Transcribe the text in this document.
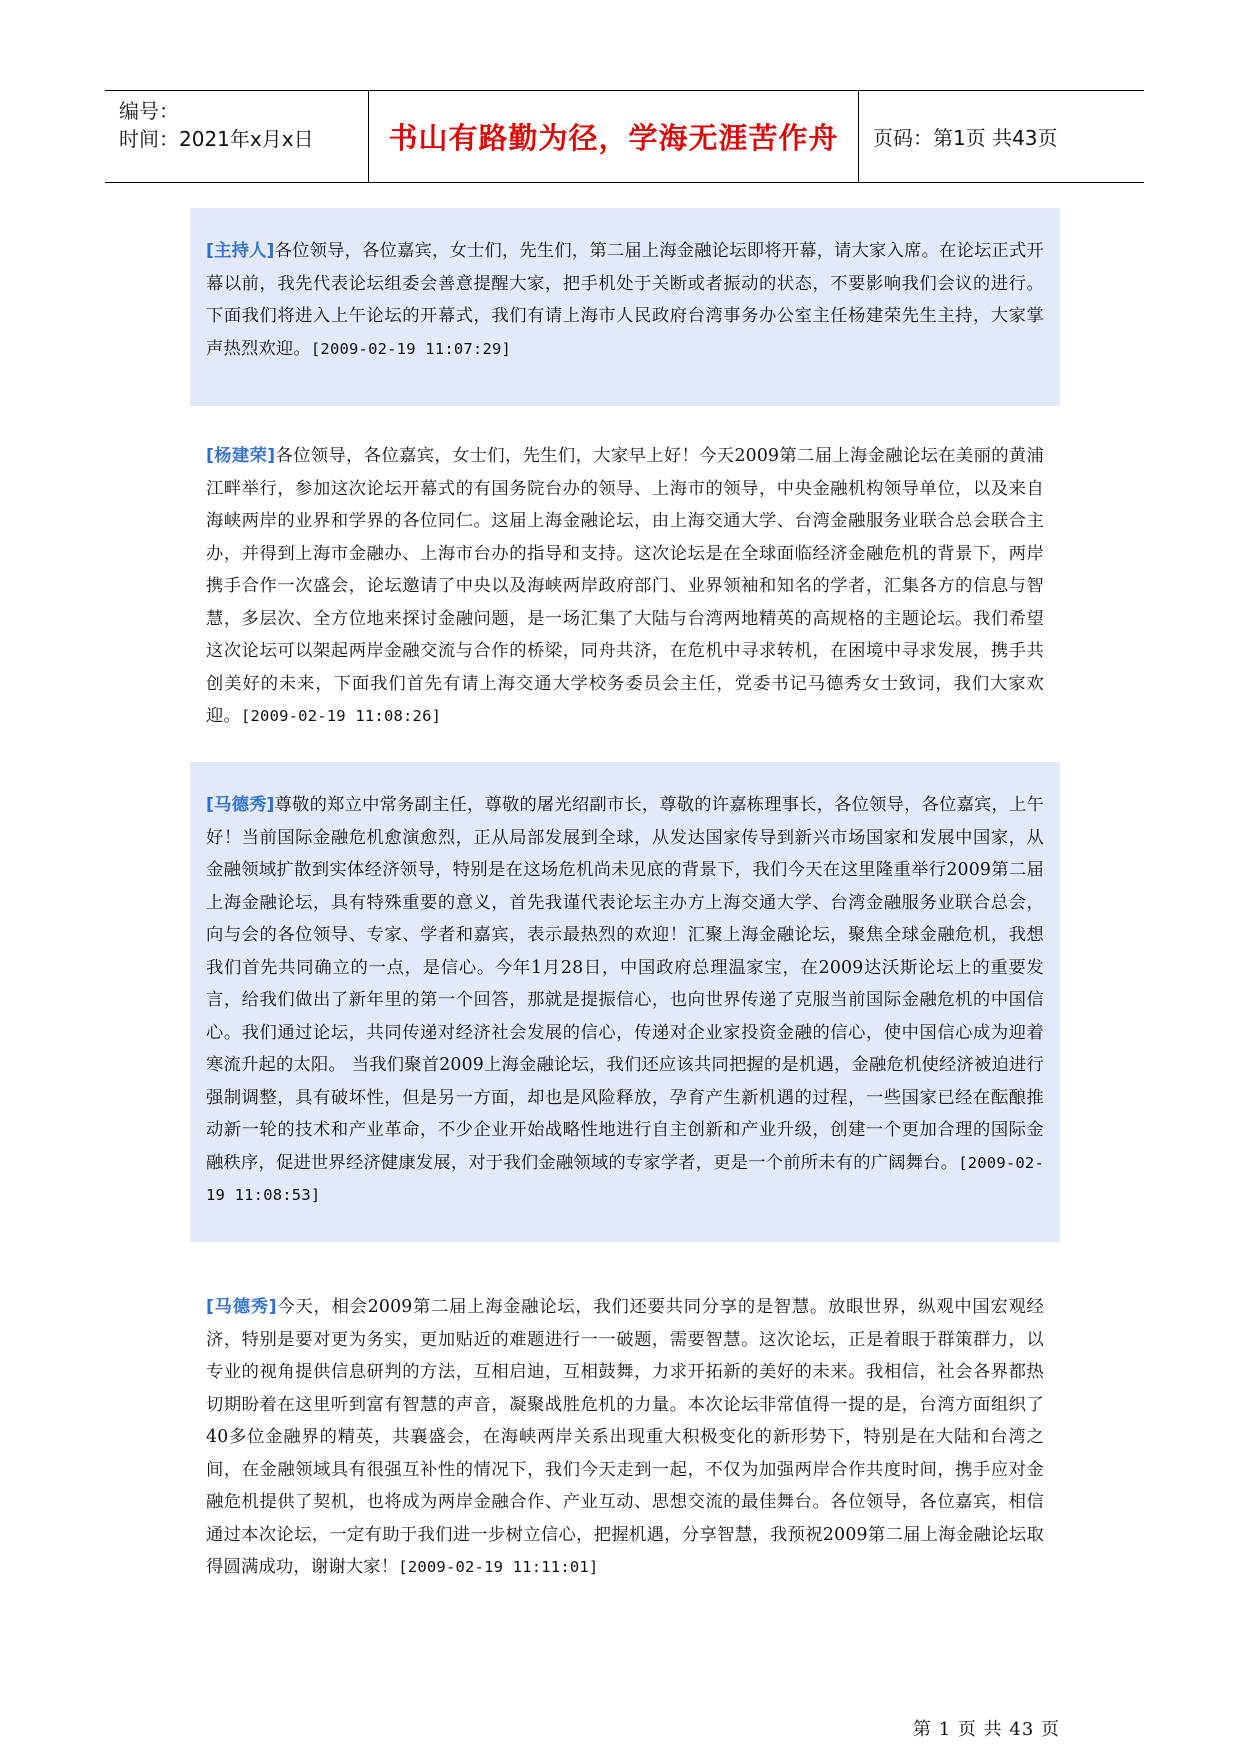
编号：
时间：2021年x月x日	书山有路勤为径，学海无涯苦作舟	页码：第1页 共43页

[主持人]各位领导，各位嘉宾，女士们，先生们，第二届上海金融论坛即将开幕，请大家入席。在论坛正式开幕以前，我先代表论坛组委会善意提醒大家，把手机处于关断或者振动的状态，不要影响我们会议的进行。下面我们将进入上午论坛的开幕式，我们有请上海市人民政府台湾事务办公室主任杨建荣先生主持，大家掌声热烈欢迎。[2009-02-19 11:07:29]

[杨建荣]各位领导，各位嘉宾，女士们，先生们，大家早上好！今天2009第二届上海金融论坛在美丽的黄浦江畔举行，参加这次论坛开幕式的有国务院台办的领导、上海市的领导，中央金融机构领导单位，以及来自海峡两岸的业界和学界的各位同仁。这届上海金融论坛，由上海交通大学、台湾金融服务业联合总会联合主办，并得到上海市金融办、上海市台办的指导和支持。这次论坛是在全球面临经济金融危机的背景下，两岸携手合作一次盛会，论坛邀请了中央以及海峡两岸政府部门、业界领袖和知名的学者，汇集各方的信息与智慧，多层次、全方位地来探讨金融问题，是一场汇集了大陆与台湾两地精英的高规格的主题论坛。我们希望这次论坛可以架起两岸金融交流与合作的桥梁，同舟共济，在危机中寻求转机，在困境中寻求发展，携手共创美好的未来，下面我们首先有请上海交通大学校务委员会主任，党委书记马德秀女士致词，我们大家欢迎。[2009-02-19 11:08:26]

[马德秀]尊敬的郑立中常务副主任，尊敬的屠光绍副市长，尊敬的许嘉栋理事长，各位领导，各位嘉宾，上午好！当前国际金融危机愈演愈烈，正从局部发展到全球，从发达国家传导到新兴市场国家和发展中国家，从金融领域扩散到实体经济领导，特别是在这场危机尚未见底的背景下，我们今天在这里隆重举行2009第二届上海金融论坛，具有特殊重要的意义，首先我谨代表论坛主办方上海交通大学、台湾金融服务业联合总会，向与会的各位领导、专家、学者和嘉宾，表示最热烈的欢迎！汇聚上海金融论坛，聚焦全球金融危机，我想我们首先共同确立的一点，是信心。今年1月28日，中国政府总理温家宝，在2009达沃斯论坛上的重要发言，给我们做出了新年里的第一个回答，那就是提振信心，也向世界传递了克服当前国际金融危机的中国信心。我们通过论坛，共同传递对经济社会发展的信心，传递对企业家投资金融的信心，使中国信心成为迎着寒流升起的太阳。 当我们聚首2009上海金融论坛，我们还应该共同把握的是机遇，金融危机使经济被迫进行强制调整，具有破坏性，但是另一方面，却也是风险释放，孕育产生新机遇的过程，一些国家已经在酝酿推动新一轮的技术和产业革命，不少企业开始战略性地进行自主创新和产业升级，创建一个更加合理的国际金融秩序，促进世界经济健康发展，对于我们金融领域的专家学者，更是一个前所未有的广阔舞台。[2009-02-19 11:08:53]

[马德秀]今天，相会2009第二届上海金融论坛，我们还要共同分享的是智慧。放眼世界，纵观中国宏观经济，特别是要对更为务实，更加贴近的难题进行一一破题，需要智慧。这次论坛，正是着眼于群策群力，以专业的视角提供信息研判的方法，互相启迪，互相鼓舞，力求开拓新的美好的未来。我相信，社会各界都热切期盼着在这里听到富有智慧的声音，凝聚战胜危机的力量。本次论坛非常值得一提的是，台湾方面组织了40多位金融界的精英，共襄盛会，在海峡两岸关系出现重大积极变化的新形势下，特别是在大陆和台湾之间，在金融领域具有很强互补性的情况下，我们今天走到一起，不仅为加强两岸合作共度时间，携手应对金融危机提供了契机，也将成为两岸金融合作、产业互动、思想交流的最佳舞台。各位领导，各位嘉宾，相信通过本次论坛，一定有助于我们进一步树立信心，把握机遇，分享智慧，我预祝2009第二届上海金融论坛取得圆满成功，谢谢大家！[2009-02-19 11:11:01]

第 1 页 共 43 页
